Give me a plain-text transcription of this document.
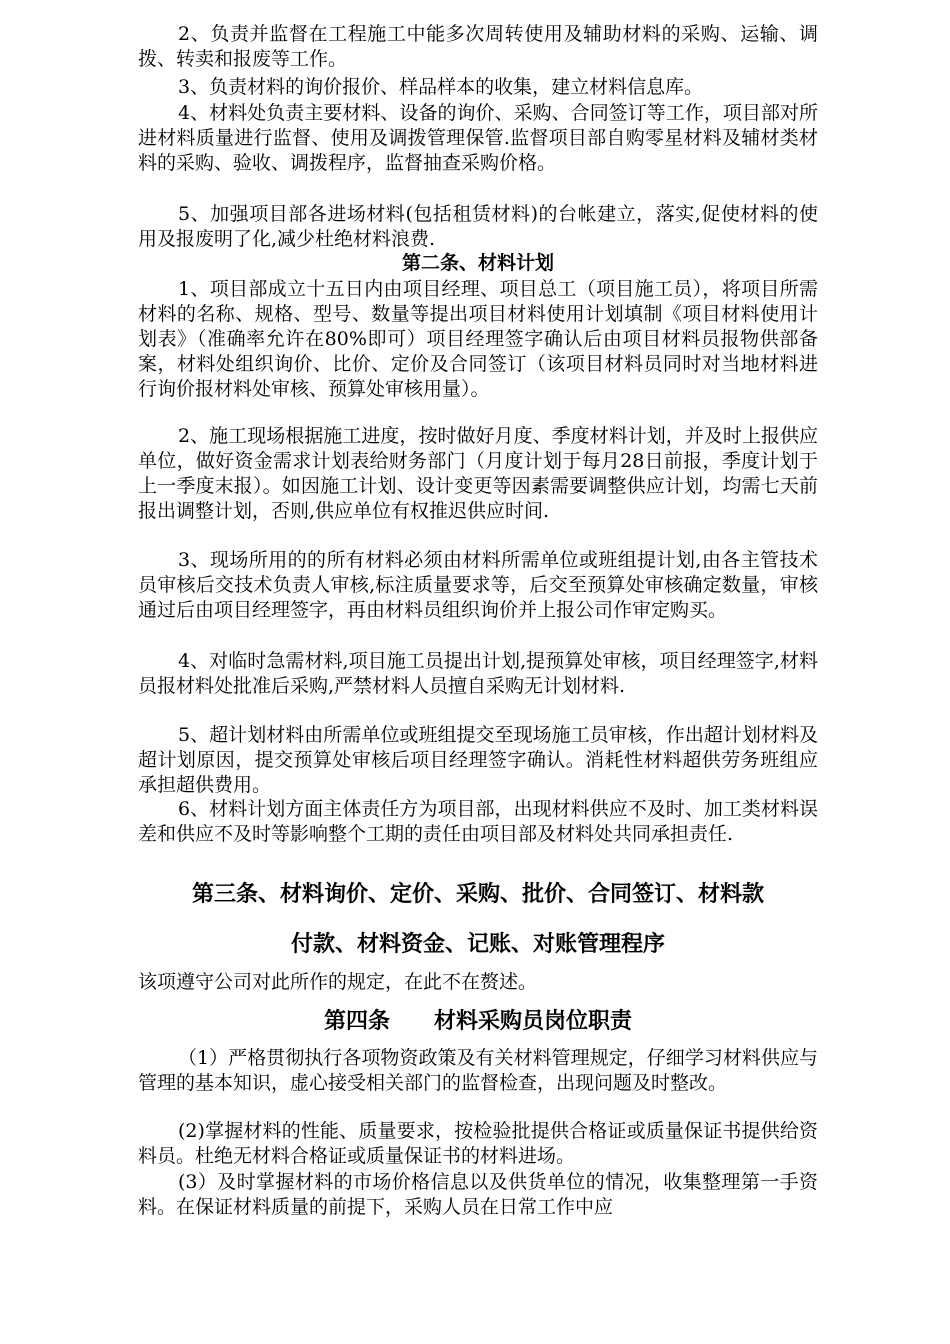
2、负责并监督在工程施工中能多次周转使用及辅助材料的采购、运输、调拨、转卖和报废等工作。

3、负责材料的询价报价、样品样本的收集，建立材料信息库。

4、材料处负责主要材料、设备的询价、采购、合同签订等工作，项目部对所进材料质量进行监督、使用及调拨管理保管.监督项目部自购零星材料及辅材类材料的采购、验收、调拨程序，监督抽查采购价格。

5、加强项目部各进场材料(包括租赁材料)的台帐建立，落实,促使材料的使用及报废明了化,减少杜绝材料浪费.

第二条、材料计划

1、项目部成立十五日内由项目经理、项目总工（项目施工员），将项目所需材料的名称、规格、型号、数量等提出项目材料使用计划填制《项目材料使用计划表》（准确率允许在80%即可）项目经理签字确认后由项目材料员报物供部备案，材料处组织询价、比价、定价及合同签订（该项目材料员同时对当地材料进行询价报材料处审核、预算处审核用量）。

2、施工现场根据施工进度，按时做好月度、季度材料计划，并及时上报供应单位，做好资金需求计划表给财务部门（月度计划于每月28日前报，季度计划于上一季度末报）。如因施工计划、设计变更等因素需要调整供应计划，均需七天前报出调整计划，否则,供应单位有权推迟供应时间.

3、现场所用的的所有材料必须由材料所需单位或班组提计划,由各主管技术员审核后交技术负责人审核,标注质量要求等，后交至预算处审核确定数量，审核通过后由项目经理签字，再由材料员组织询价并上报公司作审定购买。

4、对临时急需材料,项目施工员提出计划,提预算处审核，项目经理签字,材料员报材料处批准后采购,严禁材料人员擅自采购无计划材料.

5、超计划材料由所需单位或班组提交至现场施工员审核，作出超计划材料及超计划原因，提交预算处审核后项目经理签字确认。消耗性材料超供劳务班组应承担超供费用。

6、材料计划方面主体责任方为项目部，出现材料供应不及时、加工类材料误差和供应不及时等影响整个工期的责任由项目部及材料处共同承担责任.

第三条、材料询价、定价、采购、批价、合同签订、材料款
付款、材料资金、记账、对账管理程序

该项遵守公司对此所作的规定，在此不在赘述。

第四条　　材料采购员岗位职责

（1）严格贯彻执行各项物资政策及有关材料管理规定，仔细学习材料供应与管理的基本知识，虚心接受相关部门的监督检查，出现问题及时整改。

(2)掌握材料的性能、质量要求，按检验批提供合格证或质量保证书提供给资料员。杜绝无材料合格证或质量保证书的材料进场。

(3）及时掌握材料的市场价格信息以及供货单位的情况，收集整理第一手资料。在保证材料质量的前提下，采购人员在日常工作中应
